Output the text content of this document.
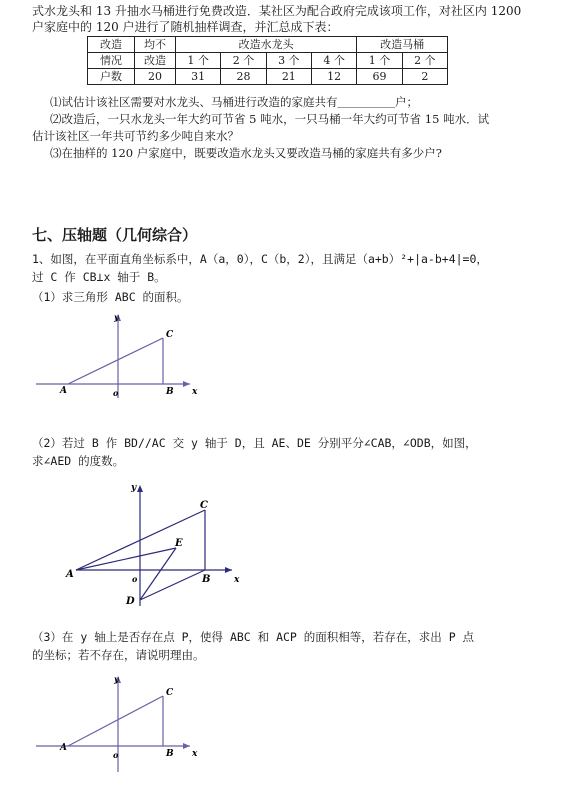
式水龙头和 13 升抽水马桶进行免费改造．某社区为配合政府完成该项工作，对社区内 1200
户家庭中的 120 户进行了随机抽样调查，并汇总成下表：
改造	均不	改造水龙头				改造马桶	
情况	改造	1 个	2 个	3 个	4 个	1 个	2 个
户数	20	31	28	21	12	69	2
⑴试估计该社区需要对水龙头、马桶进行改造的家庭共有＿＿＿＿＿户；
⑵改造后，一只水龙头一年大约可节省 5 吨水，一只马桶一年大约可节省 15 吨水．试
估计该社区一年共可节约多少吨自来水？
⑶在抽样的 120 户家庭中，既要改造水龙头又要改造马桶的家庭共有多少户?
七、压轴题（几何综合）
1、如图，在平面直角坐标系中，A（a，0），C（b，2），且满足（a+b）²+|a-b+4|=0，
过 C 作 CB⊥x 轴于 B。
（1）求三角形 ABC 的面积。
y
x
o
A	B
C
（2）若过 B 作 BD//AC 交 y 轴于 D，且 AE、DE 分别平分∠CAB，∠ODB，如图，
求∠AED 的度数。
y
x
o
A	B
C
D
E
（3）在 y 轴上是否存在点 P，使得 ABC 和 ACP 的面积相等，若存在，求出 P 点
的坐标；若不存在，请说明理由。
y
x
o
A
B
C
